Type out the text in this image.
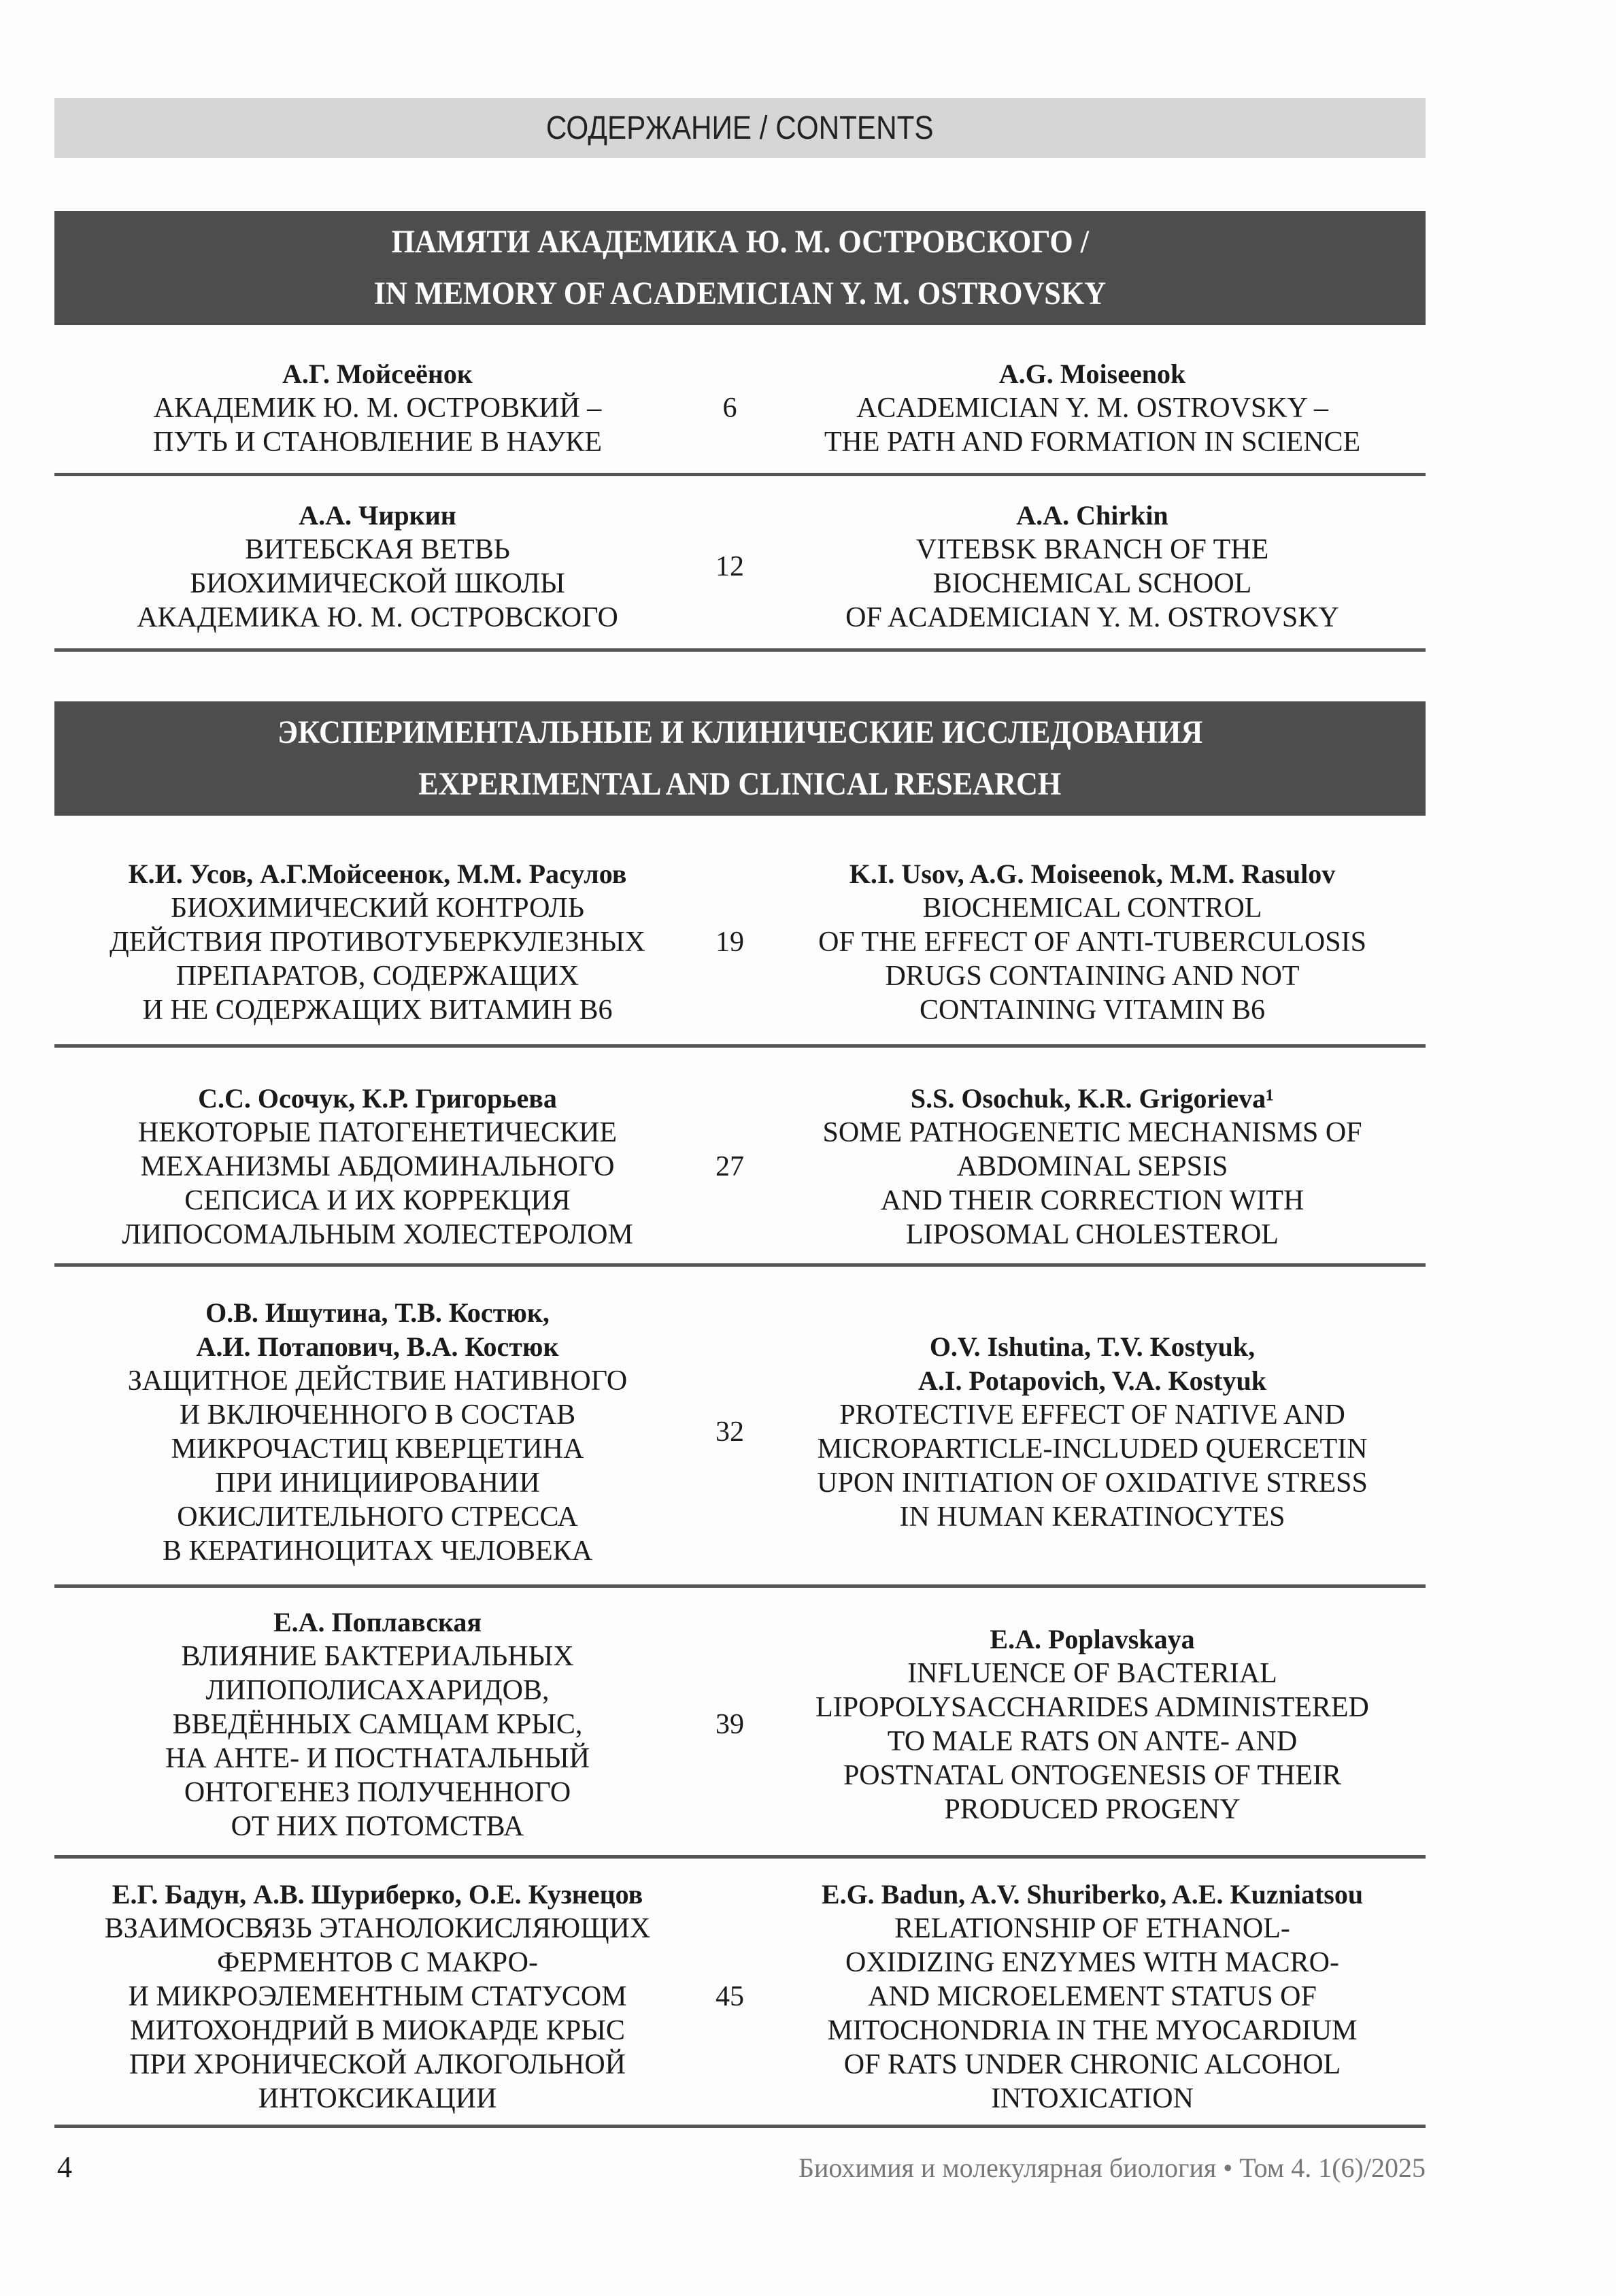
СОДЕРЖАНИЕ / CONTENTS
ПАМЯТИ АКАДЕМИКА Ю. М. ОСТРОВСКОГО /
IN MEMORY OF ACADEMICIAN Y. M. OSTROVSKY
А.Г. Мойсеёнок
АКАДЕМИК Ю. М. ОСТРОВКИЙ –
ПУТЬ И СТАНОВЛЕНИЕ В НАУКЕ
6
A.G. Moiseenok
ACADEMICIAN Y. M. OSTROVSKY –
THE PATH AND FORMATION IN SCIENCE
А.А. Чиркин
ВИТЕБСКАЯ ВЕТВЬ
БИОХИМИЧЕСКОЙ ШКОЛЫ
АКАДЕМИКА Ю. М. ОСТРОВСКОГО
12
A.A. Chirkin
VITEBSK BRANCH OF THE
BIOCHEMICAL SCHOOL
OF ACADEMICIAN Y. M. OSTROVSKY
ЭКСПЕРИМЕНТАЛЬНЫЕ И КЛИНИЧЕСКИЕ ИССЛЕДОВАНИЯ
EXPERIMENTAL AND CLINICAL RESEARCH
К.И. Усов, А.Г.Мойсеенок, М.М. Расулов
БИОХИМИЧЕСКИЙ КОНТРОЛЬ
ДЕЙСТВИЯ ПРОТИВОТУБЕРКУЛЕЗНЫХ
ПРЕПАРАТОВ, СОДЕРЖАЩИХ
И НЕ СОДЕРЖАЩИХ ВИТАМИН В6
19
K.I. Usov, A.G. Moiseenok, M.M. Rasulov
BIOCHEMICAL CONTROL
OF THE EFFECT OF ANTI-TUBERCULOSIS
DRUGS CONTAINING AND NOT
CONTAINING VITAMIN B6
С.С. Осочук, К.Р. Григорьева
НЕКОТОРЫЕ ПАТОГЕНЕТИЧЕСКИЕ
МЕХАНИЗМЫ АБДОМИНАЛЬНОГО
СЕПСИСА И ИХ КОРРЕКЦИЯ
ЛИПОСОМАЛЬНЫМ ХОЛЕСТЕРОЛОМ
27
S.S. Osochuk, K.R. Grigorieva¹
SOME PATHOGENETIC MECHANISMS OF
ABDOMINAL SEPSIS
AND THEIR CORRECTION WITH
LIPOSOMAL CHOLESTEROL
О.В. Ишутина, Т.В. Костюк,
А.И. Потапович, В.А. Костюк
ЗАЩИТНОЕ ДЕЙСТВИЕ НАТИВНОГО
И ВКЛЮЧЕННОГО В СОСТАВ
МИКРОЧАСТИЦ КВЕРЦЕТИНА
ПРИ ИНИЦИИРОВАНИИ
ОКИСЛИТЕЛЬНОГО СТРЕССА
В КЕРАТИНОЦИТАХ ЧЕЛОВЕКА
32
O.V. Ishutina, T.V. Kostyuk,
A.I. Potapovich, V.A. Kostyuk
PROTECTIVE EFFECT OF NATIVE AND
MICROPARTICLE-INCLUDED QUERCETIN
UPON INITIATION OF OXIDATIVE STRESS
IN HUMAN KERATINOCYTES
Е.А. Поплавская
ВЛИЯНИЕ БАКТЕРИАЛЬНЫХ
ЛИПОПОЛИСАХАРИДОВ,
ВВЕДЁННЫХ САМЦАМ КРЫС,
НА АНТЕ- И ПОСТНАТАЛЬНЫЙ
ОНТОГЕНЕЗ ПОЛУЧЕННОГО
ОТ НИХ ПОТОМСТВА
39
E.A. Poplavskaya
INFLUENCE OF BACTERIAL
LIPOPOLYSACCHARIDES ADMINISTERED
TO MALE RATS ON ANTE- AND
POSTNATAL ONTOGENESIS OF THEIR
PRODUCED PROGENY
Е.Г. Бадун, А.В. Шуриберко, О.Е. Кузнецов
ВЗАИМОСВЯЗЬ ЭТАНОЛОКИСЛЯЮЩИХ
ФЕРМЕНТОВ С МАКРО-
И МИКРОЭЛЕМЕНТНЫМ СТАТУСОМ
МИТОХОНДРИЙ В МИОКАРДЕ КРЫС
ПРИ ХРОНИЧЕСКОЙ АЛКОГОЛЬНОЙ
ИНТОКСИКАЦИИ
45
E.G. Badun, A.V. Shuriberko, A.E. Kuzniatsou
RELATIONSHIP OF ETHANOL-
OXIDIZING ENZYMES WITH MACRO-
AND MICROELEMENT STATUS OF
MITOCHONDRIA IN THE MYOCARDIUM
OF RATS UNDER CHRONIC ALCOHOL
INTOXICATION
4	Биохимия и молекулярная биология • Том 4. 1(6)/2025
